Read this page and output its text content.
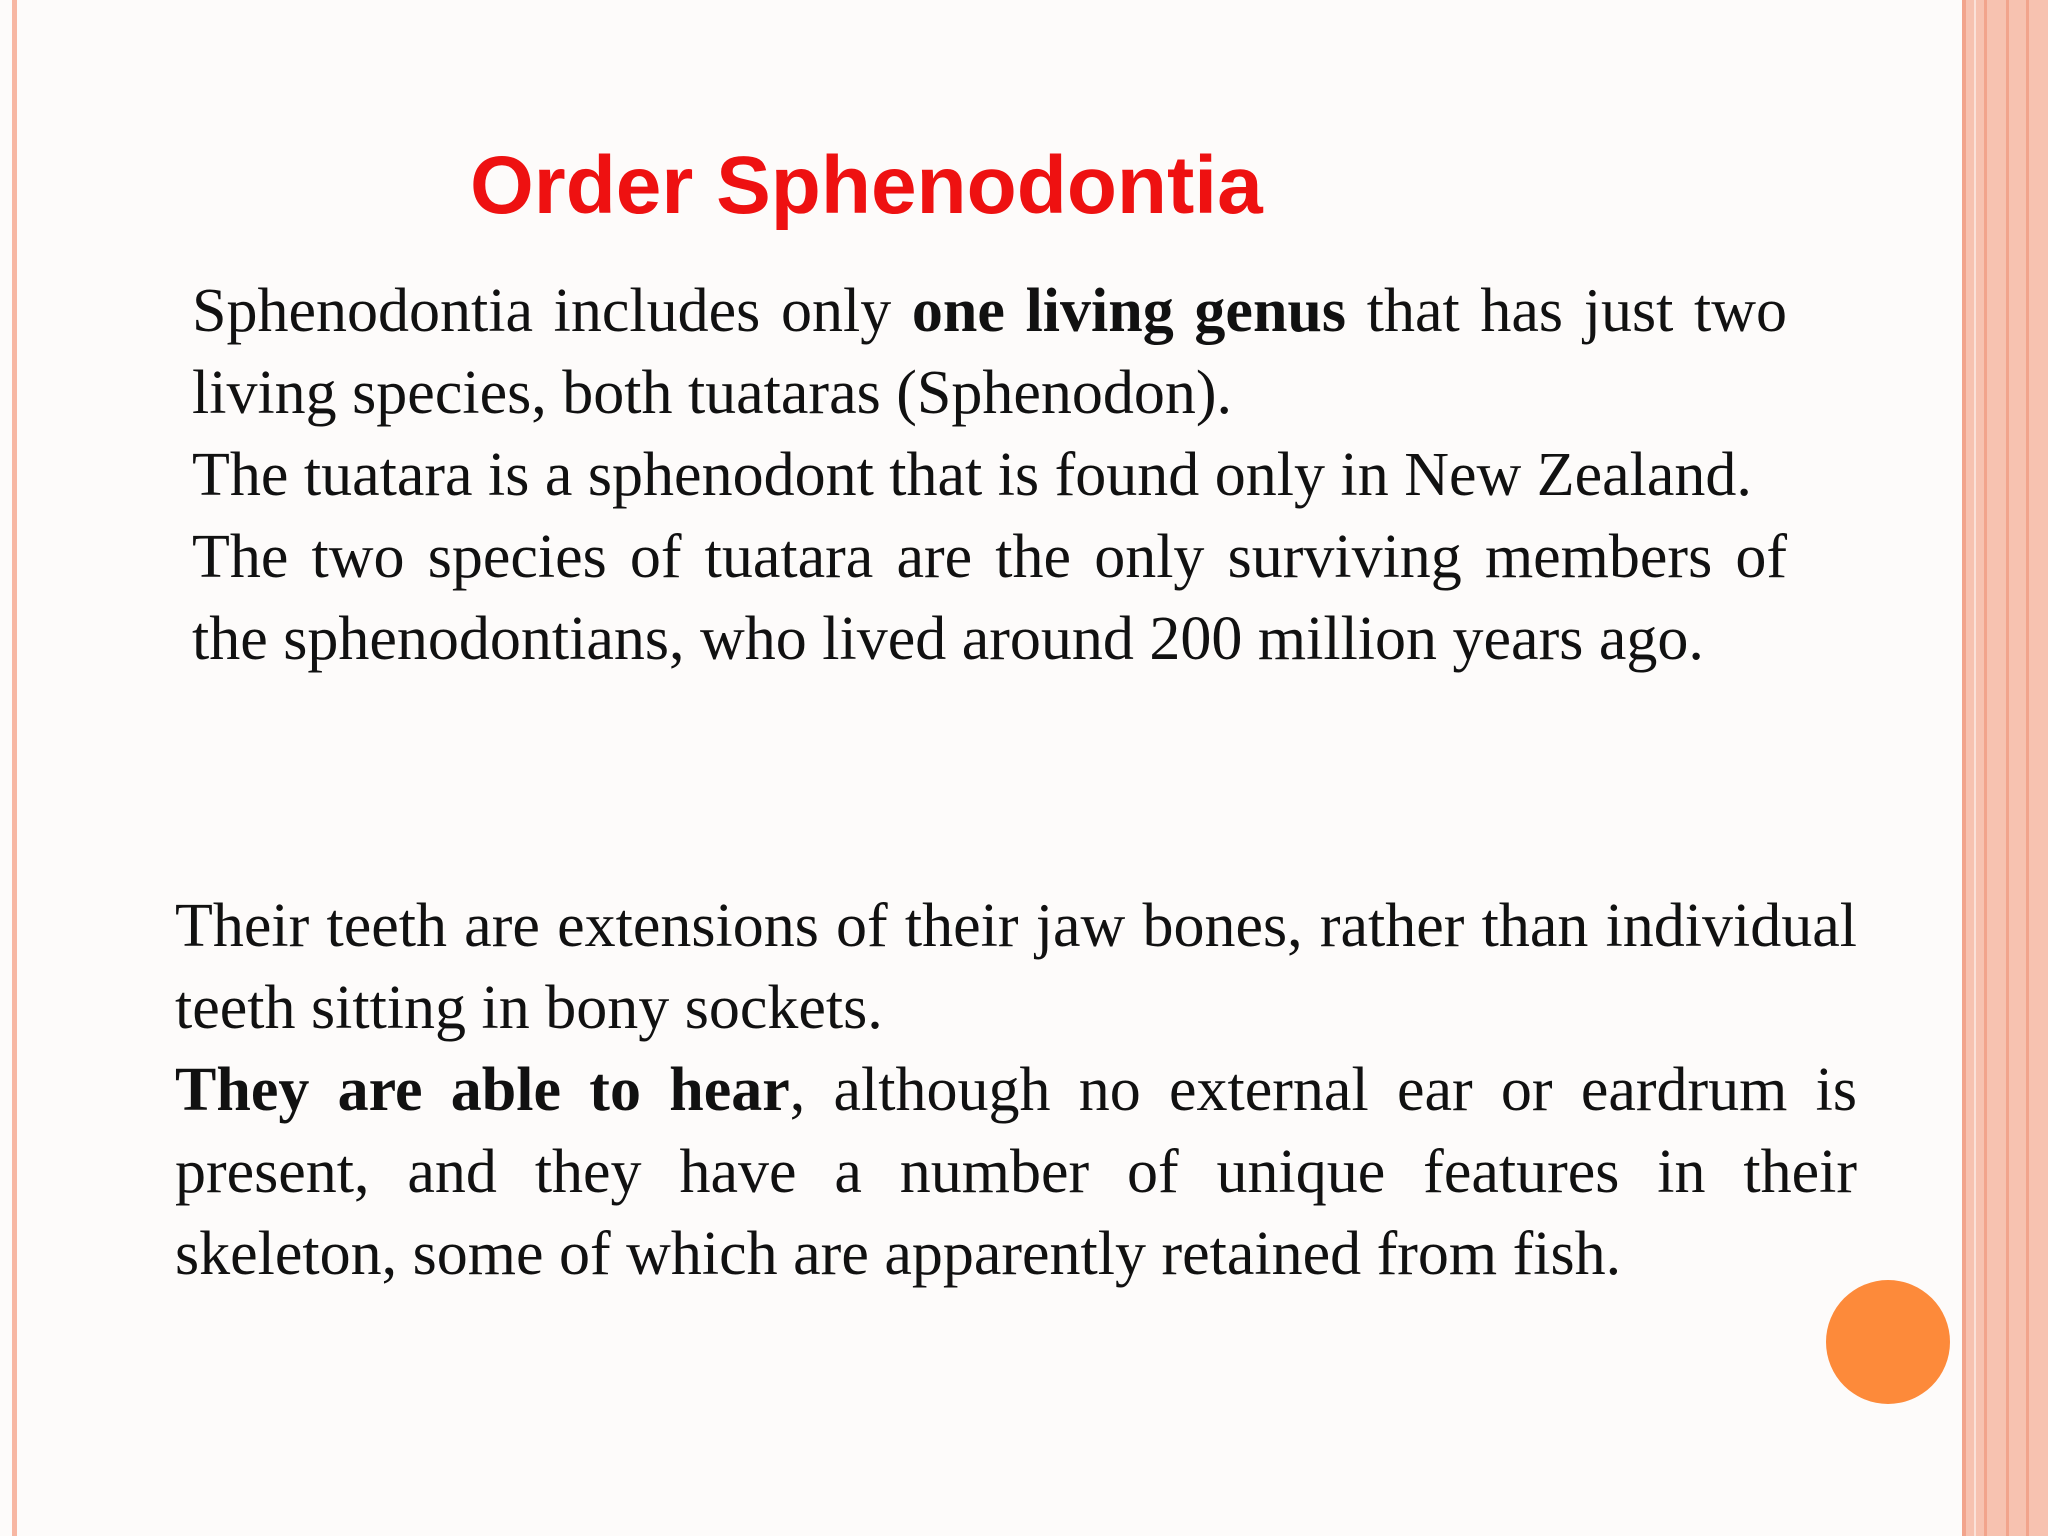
Order Sphenodontia

Sphenodontia includes only one living genus that has just two living species, both tuataras (Sphenodon).

The tuatara is a sphenodont that is found only in New Zealand.

The two species of tuatara are the only surviving members of the sphenodontians, who lived around 200 million years ago.

Their teeth are extensions of their jaw bones, rather than individual teeth sitting in bony sockets.

They are able to hear, although no external ear or eardrum is present, and they have a number of unique features in their skeleton, some of which are apparently retained from fish.
